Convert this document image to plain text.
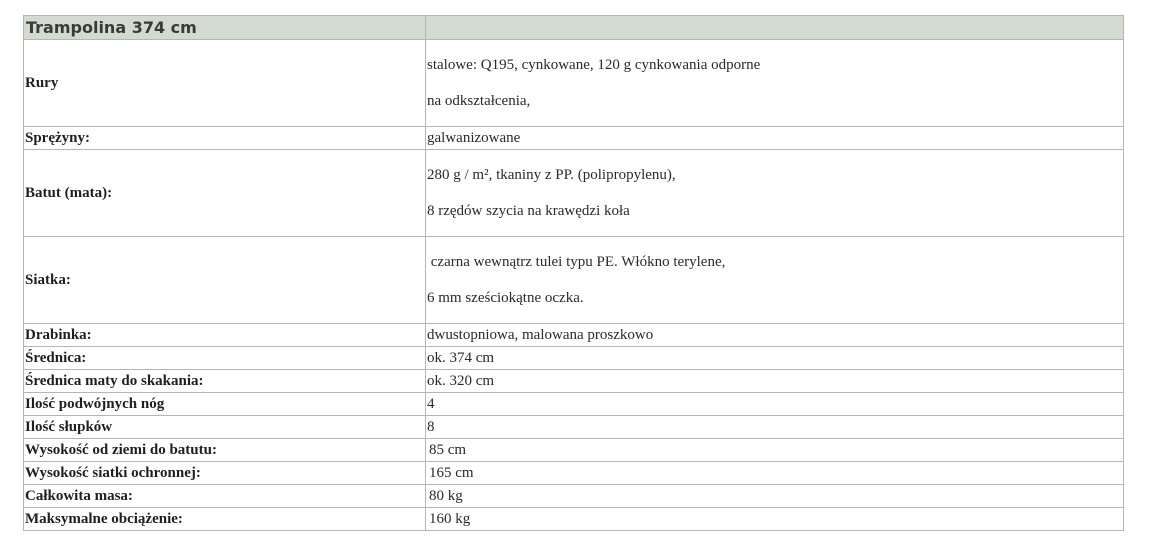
Trampolina 374 cm	
Rury	stalowe: Q195, cynkowane, 120 g cynkowania odporne
na odkształcenia,

Sprężyny:	galwanizowane
Batut (mata):	280 g / m², tkaniny z PP. (polipropylenu),
8 rzędów szycia na krawędzi koła

Siatka:	czarna wewnątrz tulei typu PE. Włókno terylene,
6 mm sześciokątne oczka.

Drabinka:	dwustopniowa, malowana proszkowo
Średnica:	ok. 374 cm
Średnica maty do skakania:	ok. 320 cm
Ilość podwójnych nóg	4
Ilość słupków	8
Wysokość od ziemi do batutu:	85 cm
Wysokość siatki ochronnej:	165 cm
Całkowita masa:	80 kg
Maksymalne obciążenie:	160 kg
